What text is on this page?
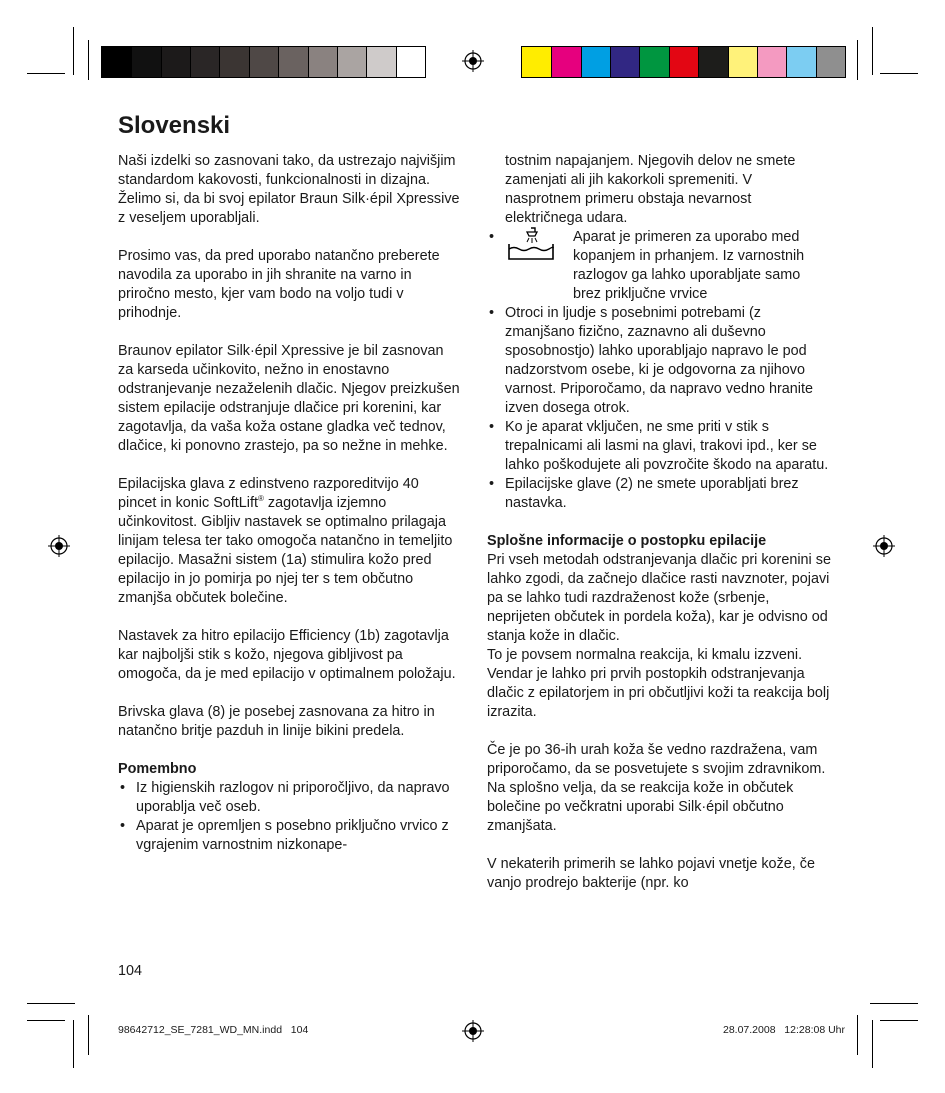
Slovenski

Naši izdelki so zasnovani tako, da ustrezajo najvišjim standardom kakovosti, funkcionalnosti in dizajna. Želimo si, da bi svoj epilator Braun Silk·épil Xpressive z veseljem uporabljali.

Prosimo vas, da pred uporabo natančno preberete navodila za uporabo in jih shranite na varno in priročno mesto, kjer vam bodo na voljo tudi v prihodnje.

Braunov epilator Silk·épil Xpressive je bil zasnovan za karseda učinkovito, nežno in enostavno odstranjevanje nezaželenih dlačic. Njegov preizkušen sistem epilacije odstranjuje dlačice pri korenini, kar zagotavlja, da vaša koža ostane gladka več tednov, dlačice, ki ponovno zrastejo, pa so nežne in mehke.

Epilacijska glava z edinstveno razporeditvijo 40 pincet in konic SoftLift® zagotavlja izjemno učinkovitost. Gibljiv nastavek se optimalno prilagaja linijam telesa ter tako omogoča natančno in temeljito epilacijo. Masažni sistem (1a) stimulira kožo pred epilacijo in jo pomirja po njej ter s tem občutno zmanjša občutek bolečine.

Nastavek za hitro epilacijo Efficiency (1b) zagotavlja kar najboljši stik s kožo, njegova gibljivost pa omogoča, da je med epilacijo v optimalnem položaju.

Brivska glava (8) je posebej zasnovana za hitro in natančno britje pazduh in linije bikini predela.

Pomembno

• Iz higienskih razlogov ni priporočljivo, da napravo uporablja več oseb.
• Aparat je opremljen s posebno priključno vrvico z vgrajenim varnostnim nizkonape-

tostnim napajanjem. Njegovih delov ne smete zamenjati ali jih kakorkoli spremeniti. V nasprotnem primeru obstaja nevarnost električnega udara.

• Aparat je primeren za uporabo med kopanjem in prhanjem. Iz varnostnih razlogov ga lahko uporabljate samo brez priključne vrvice
• Otroci in ljudje s posebnimi potrebami (z zmanjšano fizično, zaznavno ali duševno sposobnostjo) lahko uporabljajo napravo le pod nadzorstvom osebe, ki je odgovorna za njihovo varnost. Priporočamo, da napravo vedno hranite izven dosega otrok.
• Ko je aparat vključen, ne sme priti v stik s trepalnicami ali lasmi na glavi, trakovi ipd., ker se lahko poškodujete ali povzročite škodo na aparatu.
• Epilacijske glave (2) ne smete uporabljati brez nastavka.

Splošne informacije o postopku epilacije

Pri vseh metodah odstranjevanja dlačic pri korenini se lahko zgodi, da začnejo dlačice rasti navznoter, pojavi pa se lahko tudi razdraženost kože (srbenje, neprijeten občutek in pordela koža), kar je odvisno od stanja kože in dlačic.

To je povsem normalna reakcija, ki kmalu izzveni. Vendar je lahko pri prvih postopkih odstranjevanja dlačic z epilatorjem in pri občutljivi koži ta reakcija bolj izrazita.

Če je po 36-ih urah koža še vedno razdražena, vam priporočamo, da se posvetujete s svojim zdravnikom.

Na splošno velja, da se reakcija kože in občutek bolečine po večkratni uporabi Silk·épil občutno zmanjšata.

V nekaterih primerih se lahko pojavi vnetje kože, če vanjo prodrejo bakterije (npr. ko

104
98642712_SE_7281_WD_MN.indd   104	28.07.2008   12:28:08 Uhr
